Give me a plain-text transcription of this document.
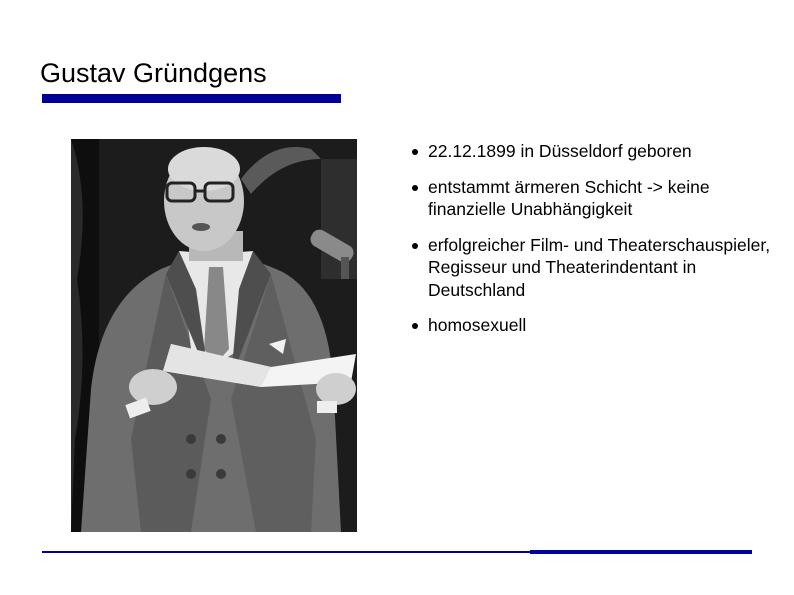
Gustav Gründgens
22.12.1899 in Düsseldorf geboren
entstammt ärmeren Schicht -> keine finanzielle Unabhängigkeit
erfolgreicher Film- und Theaterschauspieler, Regisseur und Theaterindentant in Deutschland
homosexuell
